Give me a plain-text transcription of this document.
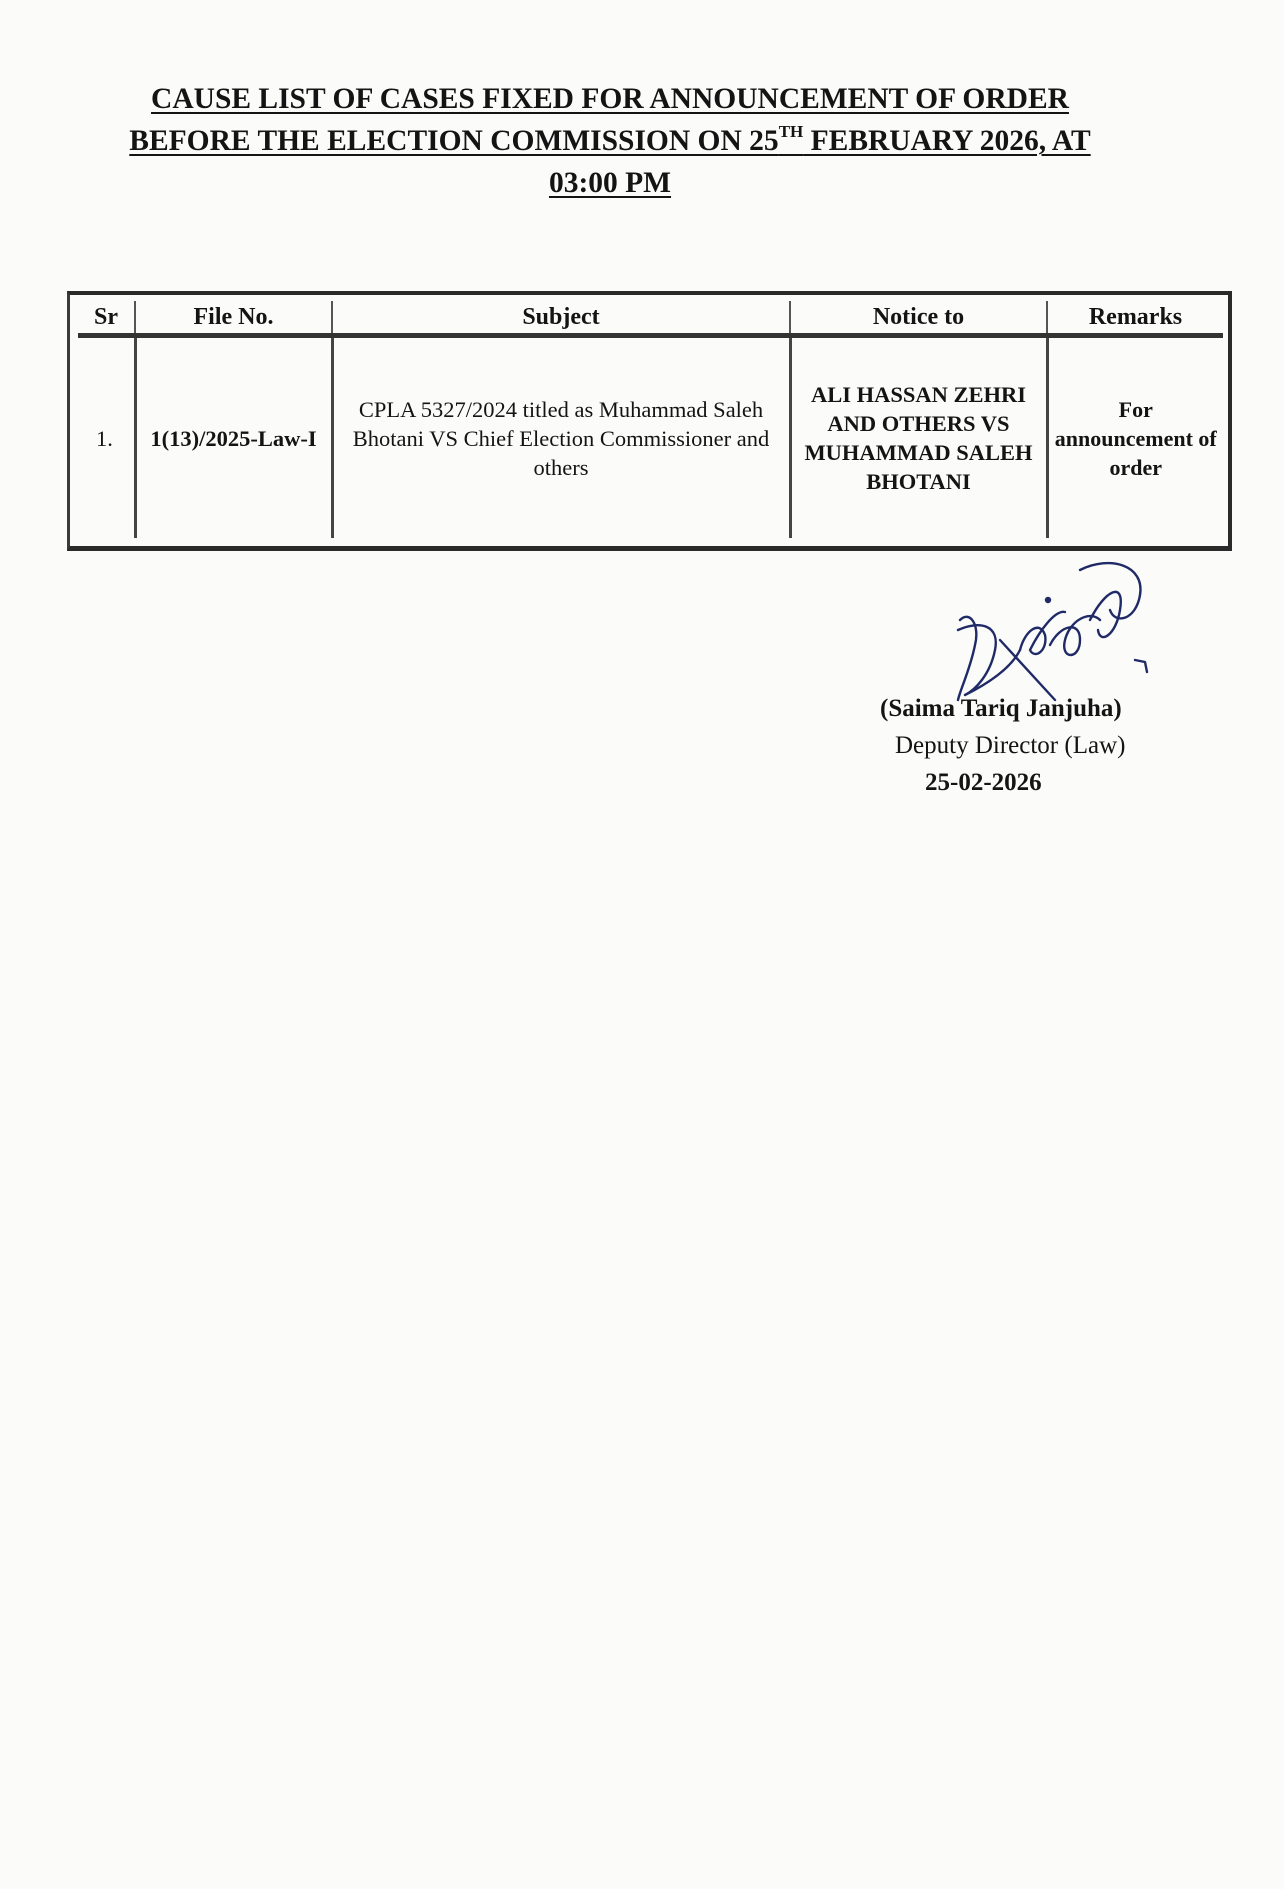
CAUSE LIST OF CASES FIXED FOR ANNOUNCEMENT OF ORDER
BEFORE THE ELECTION COMMISSION ON 25TH FEBRUARY 2026, AT
03:00 PM
Sr	File No.	Subject	Notice to	Remarks
1.	1(13)/2025-Law-I	CPLA 5327/2024 titled as Muhammad Saleh Bhotani VS Chief Election Commissioner and others	ALI HASSAN ZEHRI AND OTHERS VS MUHAMMAD SALEH BHOTANI	For announcement of order
(Saima Tariq Janjuha)
Deputy Director (Law)
25-02-2026
